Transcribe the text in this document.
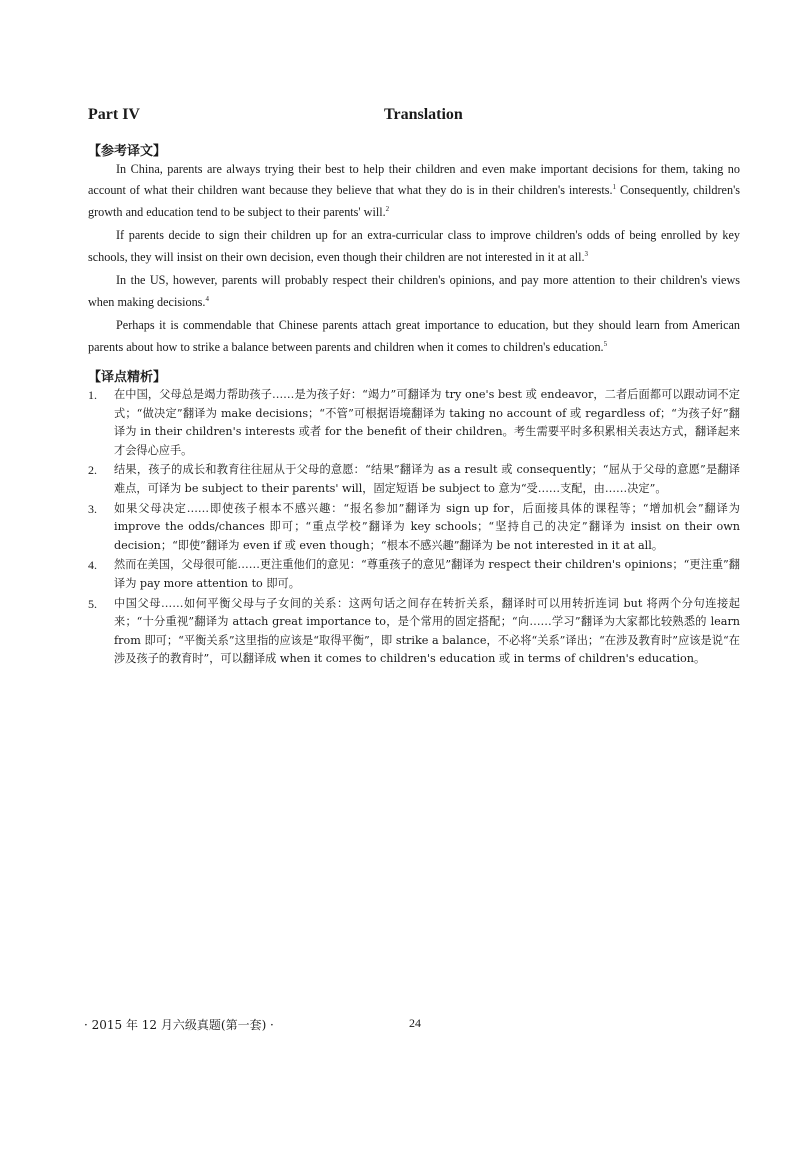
Part IV	Translation
【参考译文】

In China, parents are always trying their best to help their children and even make important decisions for them, taking no account of what their children want because they believe that what they do is in their children's interests.$^1$ Consequently, children's growth and education tend to be subject to their parents' will.$^2$

If parents decide to sign their children up for an extra-curricular class to improve children's odds of being enrolled by key schools, they will insist on their own decision, even though their children are not interested in it at all.$^3$

In the US, however, parents will probably respect their children's opinions, and pay more attention to their children's views when making decisions.$^4$

Perhaps it is commendable that Chinese parents attach great importance to education, but they should learn from American parents about how to strike a balance between parents and children when it comes to children's education.$^5$

【译点精析】
1. 在中国，父母总是竭力帮助孩子……是为孩子好：“竭力”可翻译为 try one's best 或 endeavor，二者后面都可以跟动词不定式；“做决定”翻译为 make decisions；“不管”可根据语境翻译为 taking no account of 或 regardless of；“为孩子好”翻译为 in their children's interests 或者 for the benefit of their children。考生需要平时多积累相关表达方式，翻译起来才会得心应手。
2. 结果，孩子的成长和教育往往屈从于父母的意愿：“结果”翻译为 as a result 或 consequently；“屈从于父母的意愿”是翻译难点，可译为 be subject to their parents' will，固定短语 be subject to 意为“受……支配，由……决定”。
3. 如果父母决定……即使孩子根本不感兴趣：“报名参加”翻译为 sign up for，后面接具体的课程等；“增加机会”翻译为 improve the odds/chances 即可；“重点学校”翻译为 key schools；“坚持自己的决定”翻译为 insist on their own decision；“即使”翻译为 even if 或 even though；“根本不感兴趣”翻译为 be not interested in it at all。
4. 然而在美国，父母很可能……更注重他们的意见：“尊重孩子的意见”翻译为 respect their children's opinions；“更注重”翻译为 pay more attention to 即可。
5. 中国父母……如何平衡父母与子女间的关系：这两句话之间存在转折关系，翻译时可以用转折连词 but 将两个分句连接起来；“十分重视”翻译为 attach great importance to，是个常用的固定搭配；“向……学习”翻译为大家都比较熟悉的 learn from 即可；“平衡关系”这里指的应该是“取得平衡”，即 strike a balance，不必将“关系”译出；“在涉及教育时”应该是说“在涉及孩子的教育时”，可以翻译成 when it comes to children's education 或 in terms of children's education。
· 2015 年 12 月六级真题(第一套) ·	24
